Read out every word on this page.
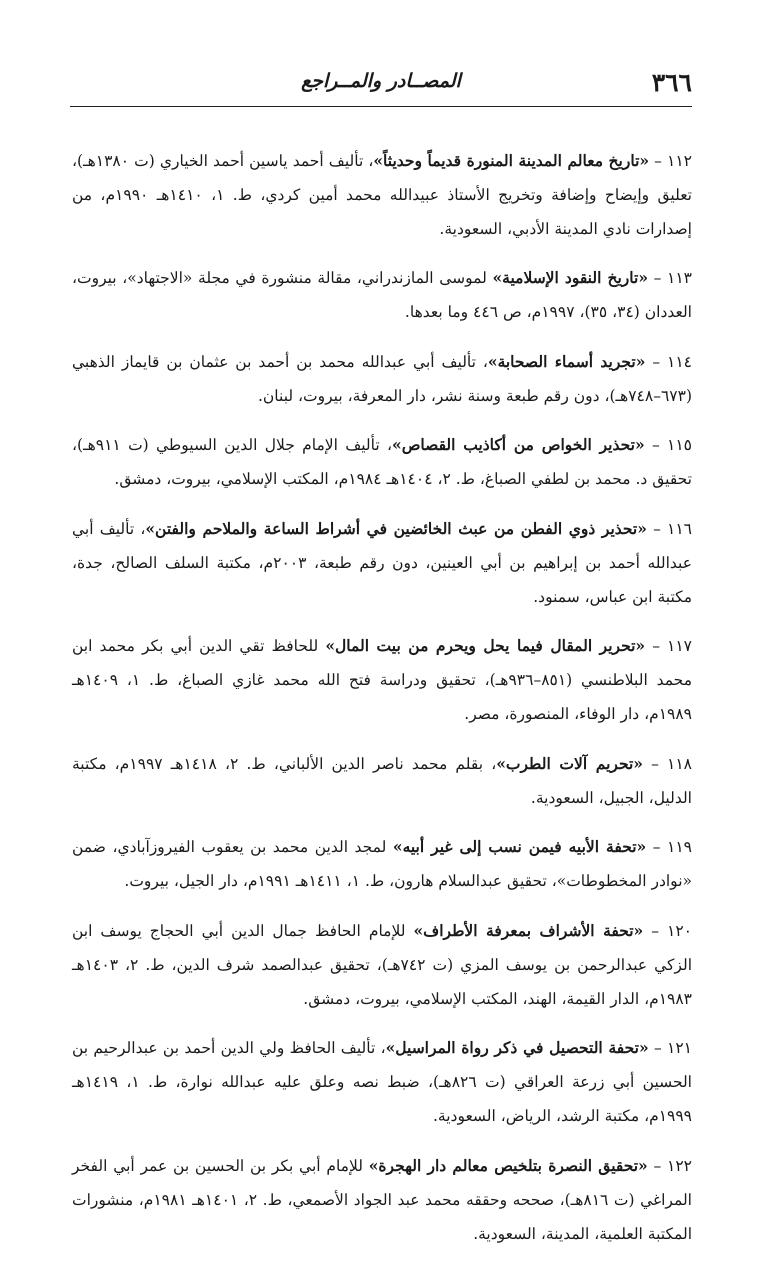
٣٦٦
المصــادر والمــراجع

١١٢ – «تاريخ معالم المدينة المنورة قديماً وحديثاً»، تأليف أحمد ياسين أحمد الخياري (ت ١٣٨٠هـ)، تعليق وإيضاح وإضافة وتخريج الأستاذ عبيدالله محمد أمين كردي، ط. ١، ١٤١٠هـ ١٩٩٠م، من إصدارات نادي المدينة الأدبي، السعودية.

١١٣ – «تاريخ النقود الإسلامية» لموسى المازندراني، مقالة منشورة في مجلة «الاجتهاد»، بيروت، العددان (٣٤، ٣٥)، ١٩٩٧م، ص ٤٤٦ وما بعدها.

١١٤ – «تجريد أسماء الصحابة»، تأليف أبي عبدالله محمد بن أحمد بن عثمان بن قايماز الذهبي (٦٧٣–٧٤٨هـ)، دون رقم طبعة وسنة نشر، دار المعرفة، بيروت، لبنان.

١١٥ – «تحذير الخواص من أكاذيب القصاص»، تأليف الإمام جلال الدين السيوطي (ت ٩١١هـ)، تحقيق د. محمد بن لطفي الصباغ، ط. ٢، ١٤٠٤هـ ١٩٨٤م، المكتب الإسلامي، بيروت، دمشق.

١١٦ – «تحذير ذوي الفطن من عبث الخائضين في أشراط الساعة والملاحم والفتن»، تأليف أبي عبدالله أحمد بن إبراهيم بن أبي العينين، دون رقم طبعة، ٢٠٠٣م، مكتبة السلف الصالح، جدة، مكتبة ابن عباس، سمنود.

١١٧ – «تحرير المقال فيما يحل ويحرم من بيت المال» للحافظ تقي الدين أبي بكر محمد ابن محمد البلاطنسي (٨٥١–٩٣٦هـ)، تحقيق ودراسة فتح الله محمد غازي الصباغ، ط. ١، ١٤٠٩هـ ١٩٨٩م، دار الوفاء، المنصورة، مصر.

١١٨ – «تحريم آلات الطرب»، بقلم محمد ناصر الدين الألباني، ط. ٢، ١٤١٨هـ ١٩٩٧م، مكتبة الدليل، الجبيل، السعودية.

١١٩ – «تحفة الأبيه فيمن نسب إلى غير أبيه» لمجد الدين محمد بن يعقوب الفيروزآبادي، ضمن «نوادر المخطوطات»، تحقيق عبدالسلام هارون، ط. ١، ١٤١١هـ ١٩٩١م، دار الجيل، بيروت.

١٢٠ – «تحفة الأشراف بمعرفة الأطراف» للإمام الحافظ جمال الدين أبي الحجاج يوسف ابن الزكي عبدالرحمن بن يوسف المزي (ت ٧٤٢هـ)، تحقيق عبدالصمد شرف الدين، ط. ٢، ١٤٠٣هـ ١٩٨٣م، الدار القيمة، الهند، المكتب الإسلامي، بيروت، دمشق.

١٢١ – «تحفة التحصيل في ذكر رواة المراسيل»، تأليف الحافظ ولي الدين أحمد بن عبدالرحيم بن الحسين أبي زرعة العراقي (ت ٨٢٦هـ)، ضبط نصه وعلق عليه عبدالله نوارة، ط. ١، ١٤١٩هـ ١٩٩٩م، مكتبة الرشد، الرياض، السعودية.

١٢٢ – «تحقيق النصرة بتلخيص معالم دار الهجرة» للإمام أبي بكر بن الحسين بن عمر أبي الفخر المراغي (ت ٨١٦هـ)، صححه وحققه محمد عبد الجواد الأصمعي، ط. ٢، ١٤٠١هـ ١٩٨١م، منشورات المكتبة العلمية، المدينة، السعودية.
